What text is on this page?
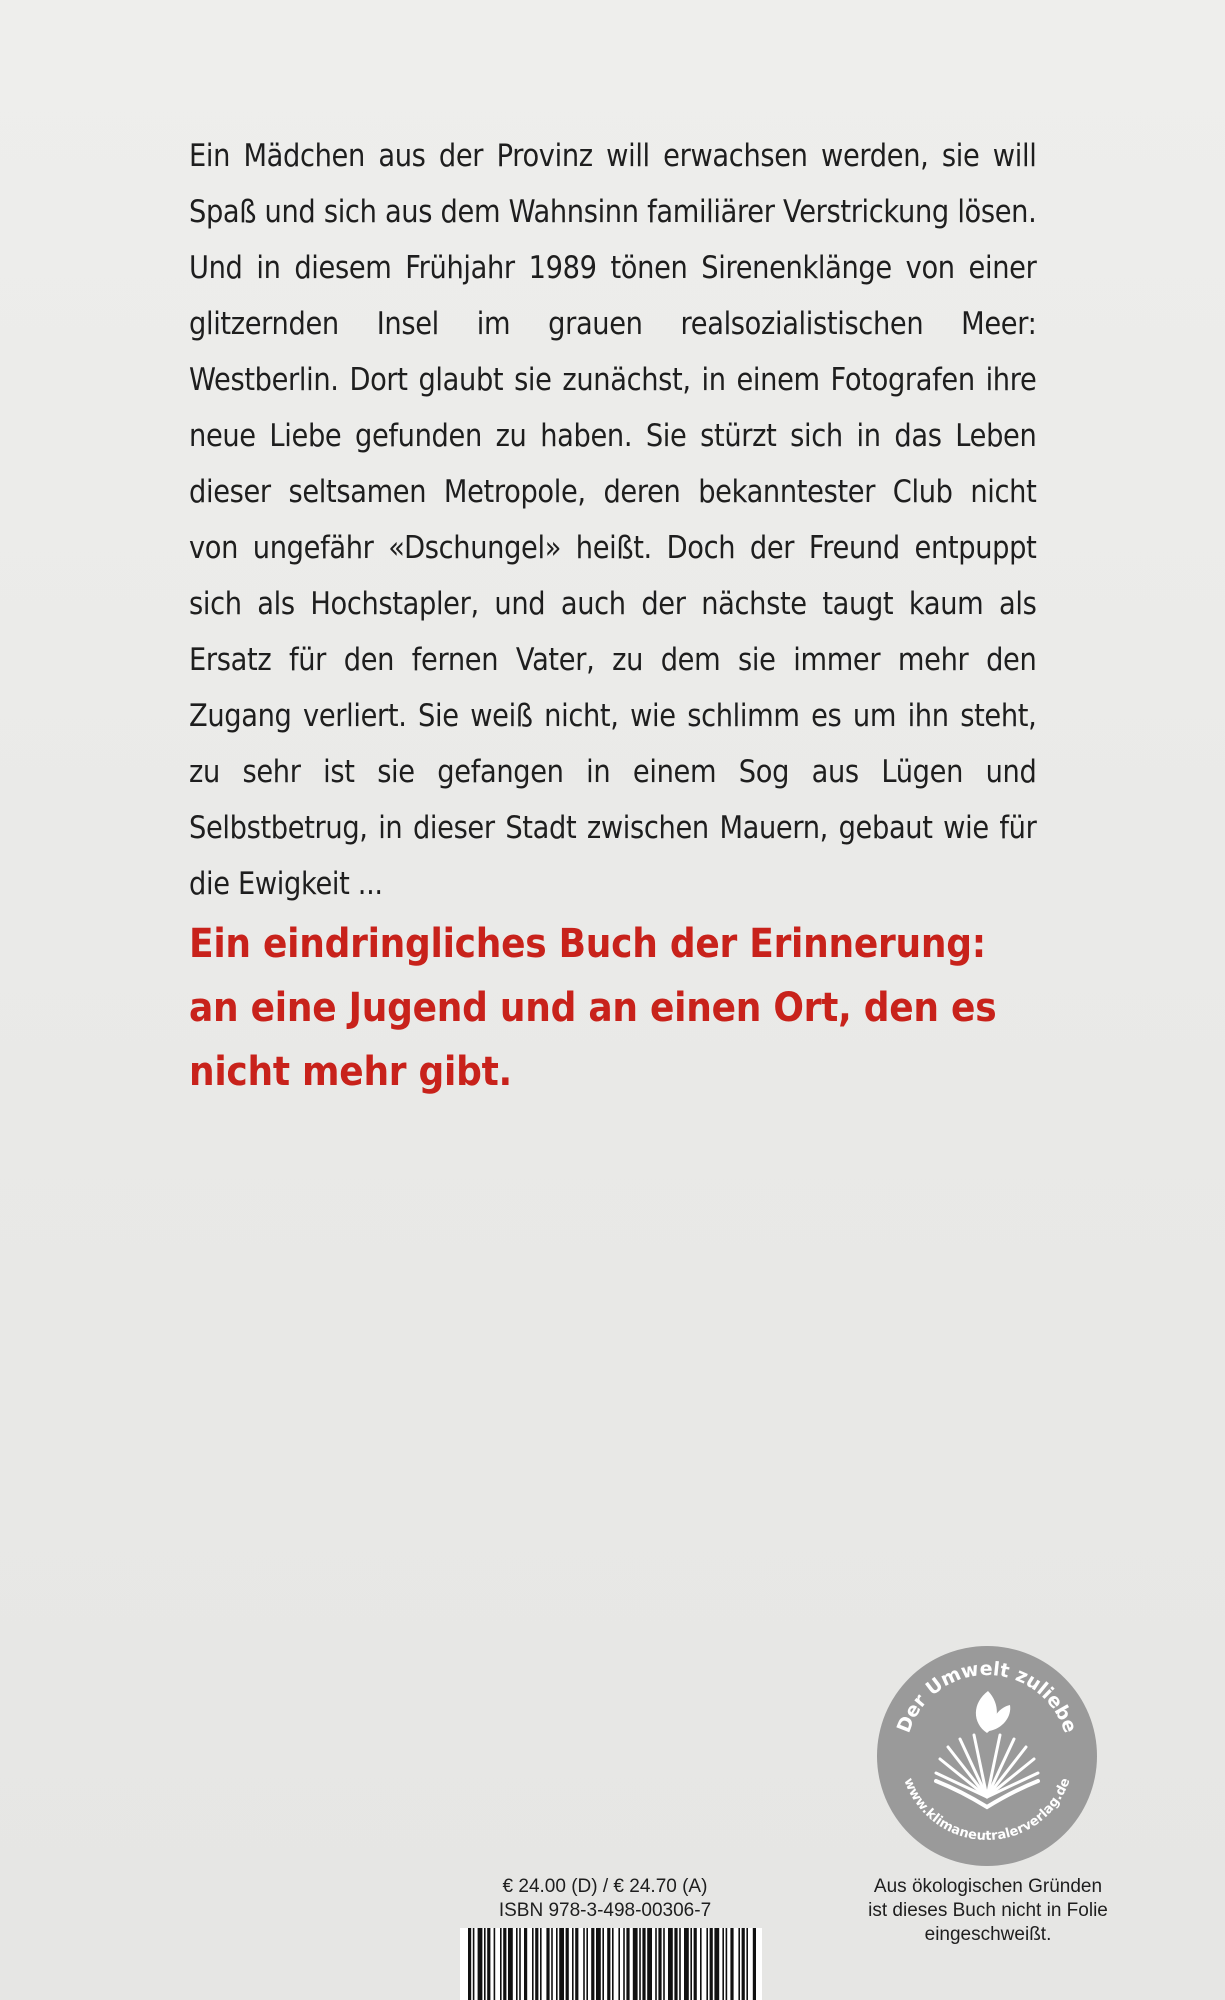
Ein Mädchen aus der Provinz will erwachsen werden, sie will Spaß und sich aus dem Wahnsinn familiärer Verstrickung lösen. Und in diesem Frühjahr 1989 tönen Sirenenklänge von einer glitzernden Insel im grauen realsozialistischen Meer: Westberlin. Dort glaubt sie zunächst, in einem Fotografen ihre neue Liebe gefunden zu haben. Sie stürzt sich in das Leben dieser seltsamen Metropole, deren bekanntester Club nicht von ungefähr «Dschungel» heißt. Doch der Freund entpuppt sich als Hochstapler, und auch der nächste taugt kaum als Ersatz für den fernen Vater, zu dem sie immer mehr den Zugang verliert. Sie weiß nicht, wie schlimm es um ihn steht, zu sehr ist sie gefangen in einem Sog aus Lügen und Selbstbetrug, in dieser Stadt zwischen Mauern, gebaut wie für die Ewigkeit ...

Ein eindringliches Buch der Erinnerung: an eine Jugend und an einen Ort, den es nicht mehr gibt.

Der Umwelt zuliebe
www.klimaneutralerverlag.de
€ 24.00 (D) / € 24.70 (A)
ISBN 978-3-498-00306-7
Aus ökologischen Gründen
ist dieses Buch nicht in Folie
eingeschweißt.
